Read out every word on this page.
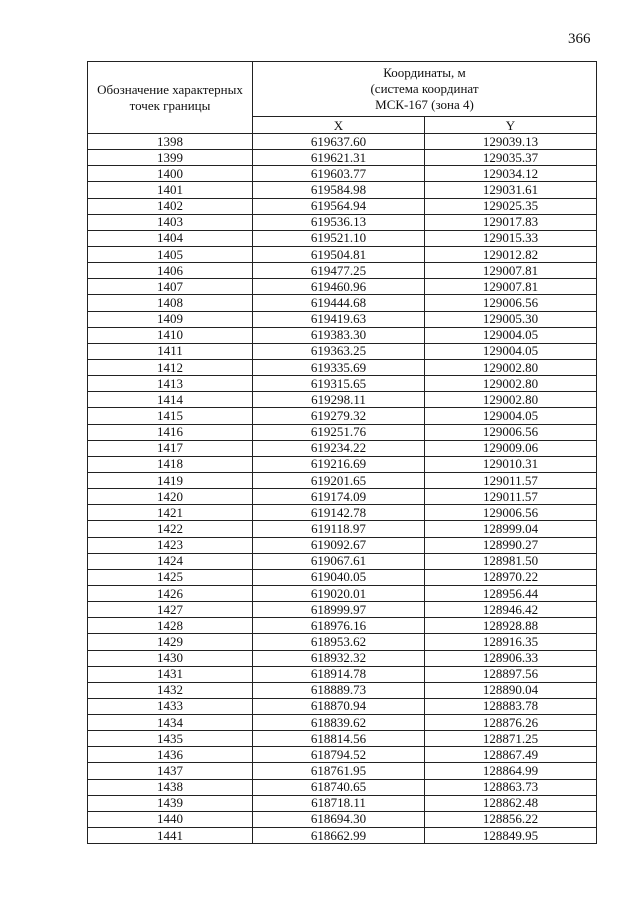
366
Обозначение характерных точек границы	Координаты, м
(система координат
МСК-167 (зона 4)	
	X	Y
1398	619637.60	129039.13
1399	619621.31	129035.37
1400	619603.77	129034.12
1401	619584.98	129031.61
1402	619564.94	129025.35
1403	619536.13	129017.83
1404	619521.10	129015.33
1405	619504.81	129012.82
1406	619477.25	129007.81
1407	619460.96	129007.81
1408	619444.68	129006.56
1409	619419.63	129005.30
1410	619383.30	129004.05
1411	619363.25	129004.05
1412	619335.69	129002.80
1413	619315.65	129002.80
1414	619298.11	129002.80
1415	619279.32	129004.05
1416	619251.76	129006.56
1417	619234.22	129009.06
1418	619216.69	129010.31
1419	619201.65	129011.57
1420	619174.09	129011.57
1421	619142.78	129006.56
1422	619118.97	128999.04
1423	619092.67	128990.27
1424	619067.61	128981.50
1425	619040.05	128970.22
1426	619020.01	128956.44
1427	618999.97	128946.42
1428	618976.16	128928.88
1429	618953.62	128916.35
1430	618932.32	128906.33
1431	618914.78	128897.56
1432	618889.73	128890.04
1433	618870.94	128883.78
1434	618839.62	128876.26
1435	618814.56	128871.25
1436	618794.52	128867.49
1437	618761.95	128864.99
1438	618740.65	128863.73
1439	618718.11	128862.48
1440	618694.30	128856.22
1441	618662.99	128849.95
